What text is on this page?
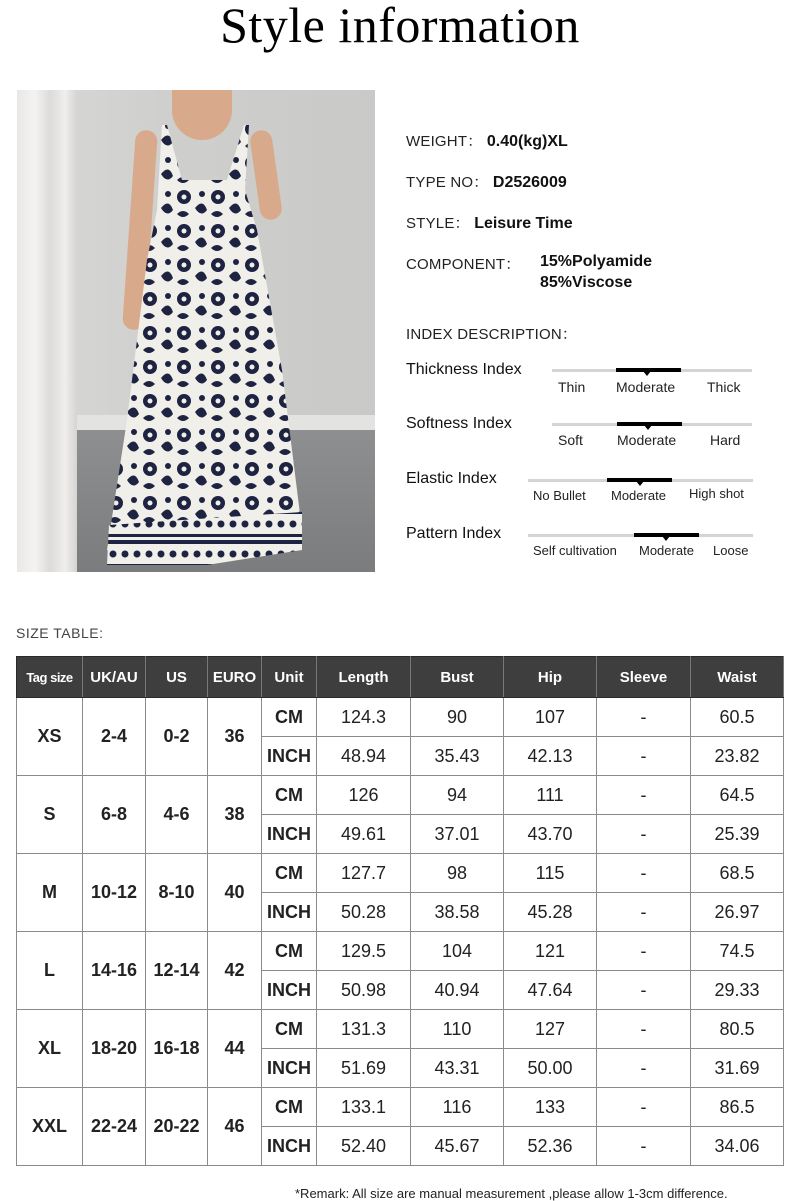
Style information
WEIGHT： 0.40(kg)XL
TYPE NO： D2526009
STYLE： Leisure Time
COMPONENT： 15%Polyamide
85%Viscose
INDEX DESCRIPTION：
Thickness Index
Thin Moderate Thick
Softness Index
Soft Moderate Hard
Elastic Index
No Bullet Moderate High shot
Pattern Index
Self cultivation Moderate Loose
SIZE TABLE:
Tag size	UK/AU	US	EURO	Unit	Length	Bust	Hip	Sleeve	Waist
XS	2-4	0-2	36	CM	124.3	90	107	-	60.5
				INCH	48.94	35.43	42.13	-	23.82
S	6-8	4-6	38	CM	126	94	111	-	64.5
				INCH	49.61	37.01	43.70	-	25.39
M	10-12	8-10	40	CM	127.7	98	115	-	68.5
				INCH	50.28	38.58	45.28	-	26.97
L	14-16	12-14	42	CM	129.5	104	121	-	74.5
				INCH	50.98	40.94	47.64	-	29.33
XL	18-20	16-18	44	CM	131.3	110	127	-	80.5
				INCH	51.69	43.31	50.00	-	31.69
XXL	22-24	20-22	46	CM	133.1	116	133	-	86.5
				INCH	52.40	45.67	52.36	-	34.06
*Remark: All size are manual measurement ,please allow 1-3cm difference.
